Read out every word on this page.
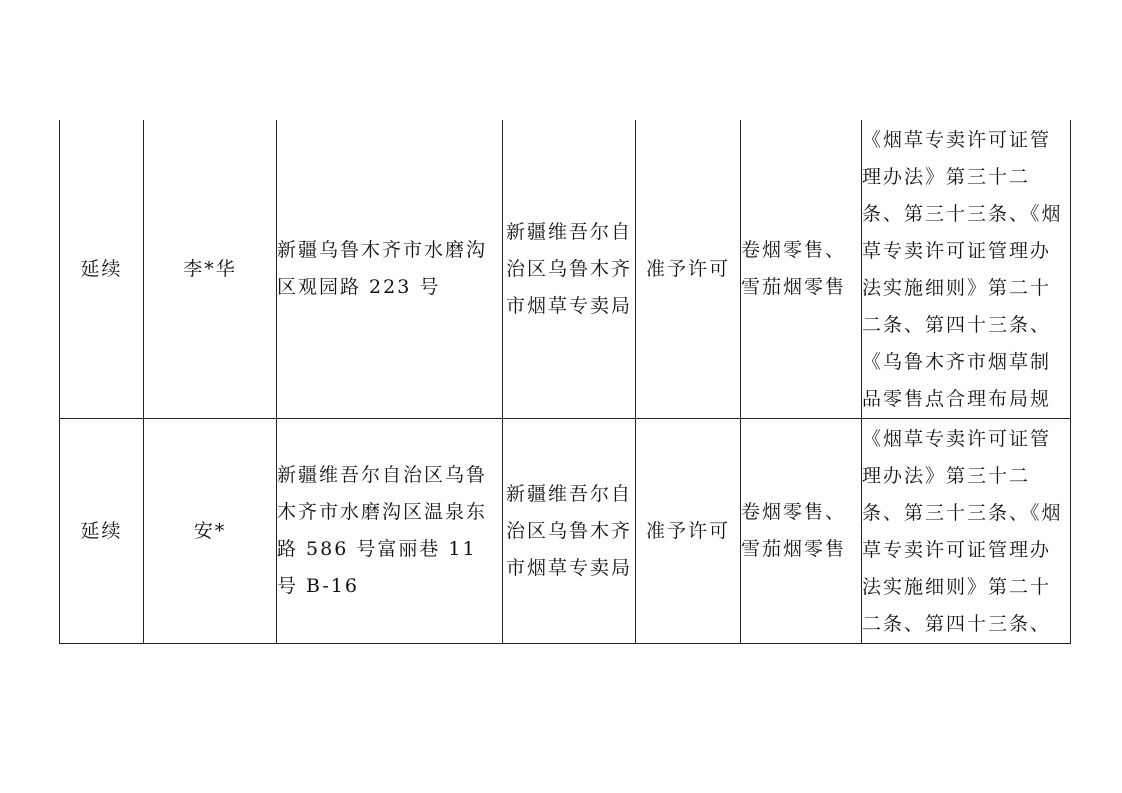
延续	李*华	新疆乌鲁木齐市水磨沟区观园路 223 号	新疆维吾尔自治区乌鲁木齐市烟草专卖局	准予许可	卷烟零售、雪茄烟零售	《烟草专卖许可证管理办法》第三十二条、第三十三条、《烟草专卖许可证管理办法实施细则》第二十二条、第四十三条、《乌鲁木齐市烟草制品零售点合理布局规

延续	安*	新疆维吾尔自治区乌鲁木齐市水磨沟区温泉东路 586 号富丽巷 11 号 B-16	新疆维吾尔自治区乌鲁木齐市烟草专卖局	准予许可	卷烟零售、雪茄烟零售	《烟草专卖许可证管理办法》第三十二条、第三十三条、《烟草专卖许可证管理办法实施细则》第二十二条、第四十三条、
